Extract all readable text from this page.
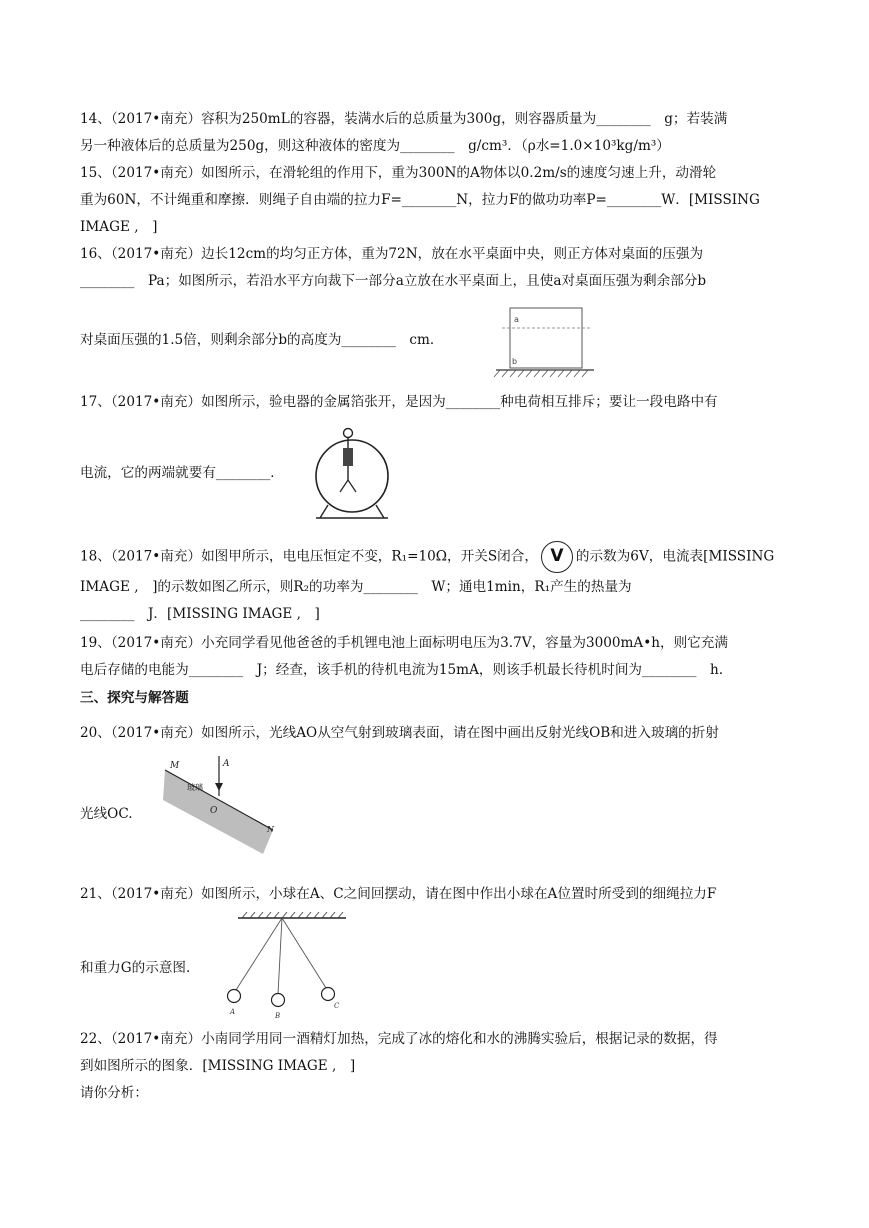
14、（2017•南充）容积为250mL的容器，装满水后的总质量为300g，则容器质量为________　g；若装满
另一种液体后的总质量为250g，则这种液体的密度为________　g/cm³．（ρ水=1.0×10³kg/m³）
15、（2017•南充）如图所示，在滑轮组的作用下，重为300N的A物体以0.2m/s的速度匀速上升，动滑轮
重为60N，不计绳重和摩擦．则绳子自由端的拉力F=________N，拉力F的做功功率P=________W．[MISSING
IMAGE ,　]
16、（2017•南充）边长12cm的均匀正方体，重为72N，放在水平桌面中央，则正方体对桌面的压强为
________　Pa；如图所示，若沿水平方向裁下一部分a立放在水平桌面上，且使a对桌面压强为剩余部分b
对桌面压强的1.5倍，则剩余部分b的高度为________　cm．
a
b
17、（2017•南充）如图所示，验电器的金属箔张开，是因为________种电荷相互排斥；要让一段电路中有
电流，它的两端就要有________．
18、（2017•南充）如图甲所示，电电压恒定不变，R₁=10Ω，开关S闭合， V 的示数为6V，电流表[MISSING
IMAGE ,　]的示数如图乙所示，则R₂的功率为________　W；通电1min，R₁产生的热量为
________　J．[MISSING IMAGE ,　]
19、（2017•南充）小充同学看见他爸爸的手机锂电池上面标明电压为3.7V，容量为3000mA•h，则它充满
电后存储的电能为________　J；经查，该手机的待机电流为15mA，则该手机最长待机时间为________　h.
三、探究与解答题
20、（2017•南充）如图所示，光线AO从空气射到玻璃表面，请在图中画出反射光线OB和进入玻璃的折射
光线OC.
M	A
O
N
玻璃
21、（2017•南充）如图所示，小球在A、C之间回摆动，请在图中作出小球在A位置时所受到的细绳拉力F
和重力G的示意图.
A	B
C
22、（2017•南充）小南同学用同一酒精灯加热，完成了冰的熔化和水的沸腾实验后，根据记录的数据，得
到如图所示的图象．[MISSING IMAGE ,　]
请你分析：
